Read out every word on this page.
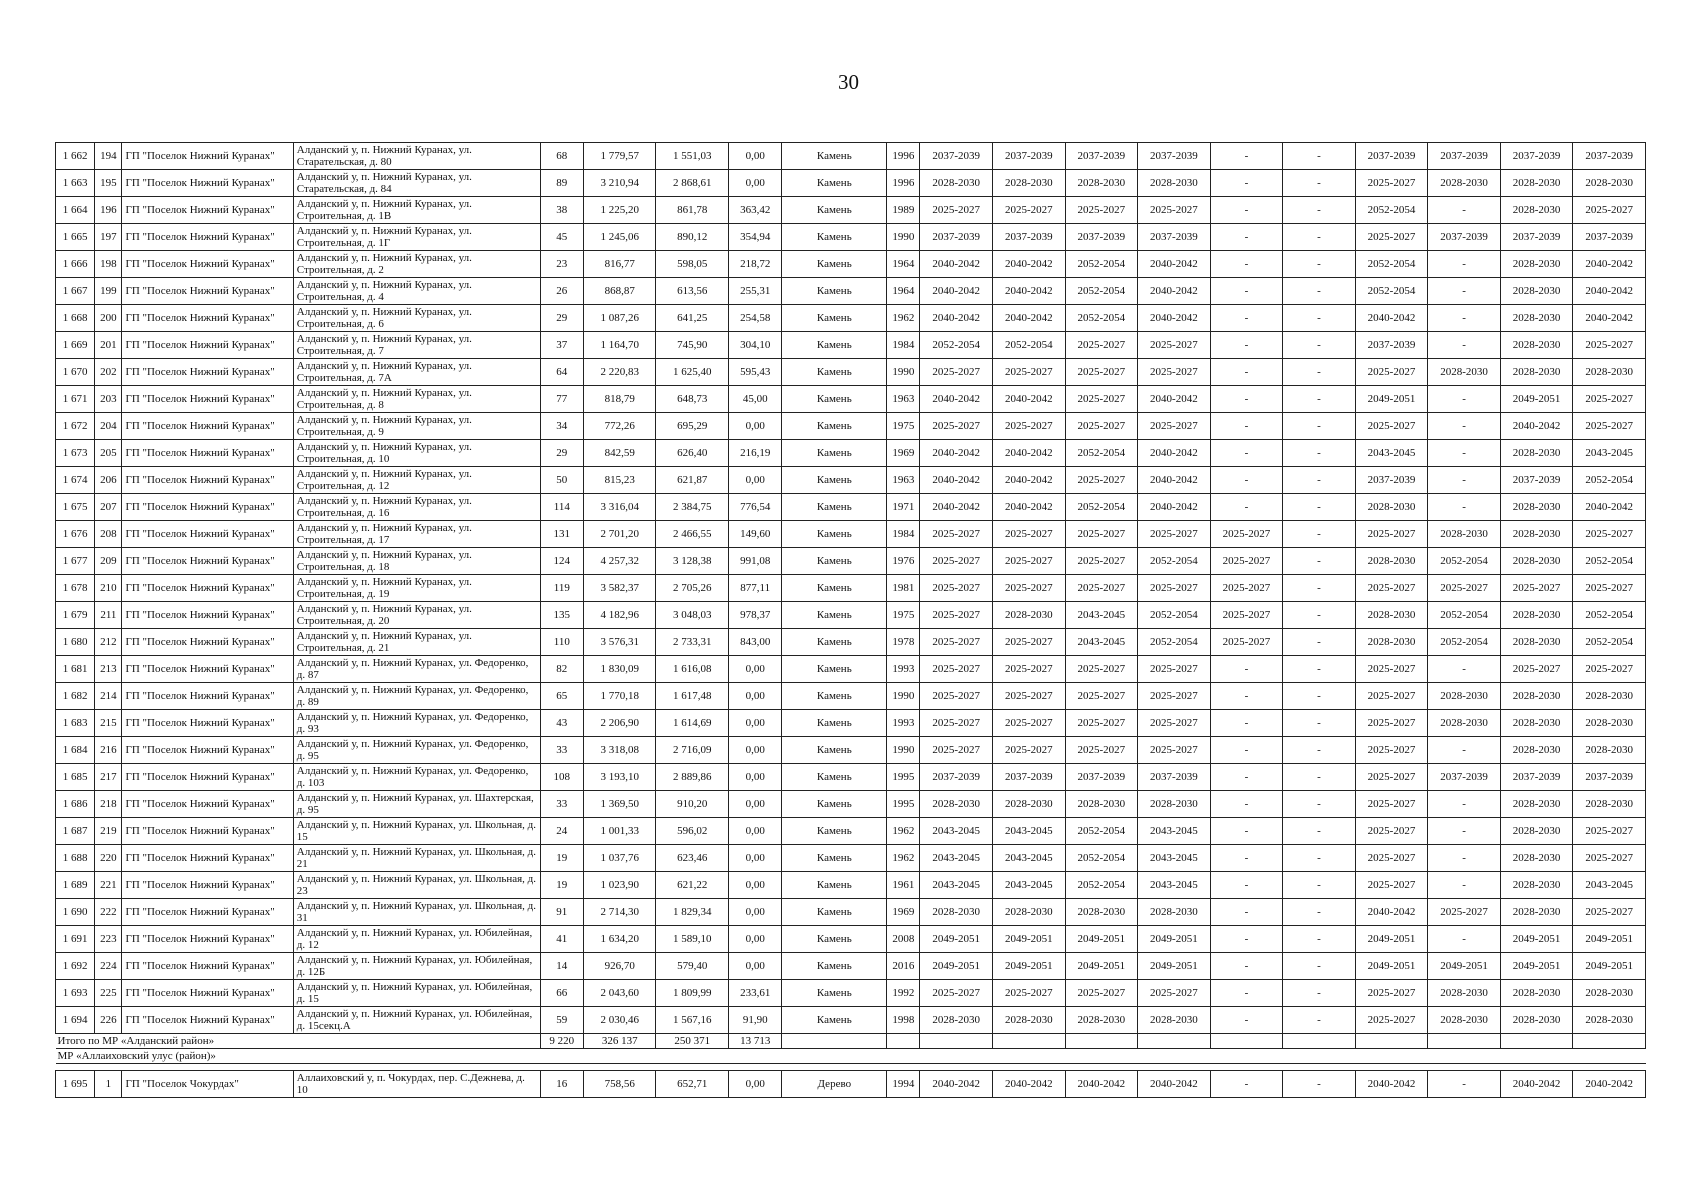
30
1 662	194	ГП "Поселок Нижний Куранах"	Алданский у, п. Нижний Куранах, ул. Старательская, д. 80	68	1 779,57	1 551,03	0,00	Камень	1996	2037-2039	2037-2039	2037-2039	2037-2039	-	-	2037-2039	2037-2039	2037-2039	2037-2039
1 663	195	ГП "Поселок Нижний Куранах"	Алданский у, п. Нижний Куранах, ул. Старательская, д. 84	89	3 210,94	2 868,61	0,00	Камень	1996	2028-2030	2028-2030	2028-2030	2028-2030	-	-	2025-2027	2028-2030	2028-2030	2028-2030
1 664	196	ГП "Поселок Нижний Куранах"	Алданский у, п. Нижний Куранах, ул. Строительная, д. 1В	38	1 225,20	861,78	363,42	Камень	1989	2025-2027	2025-2027	2025-2027	2025-2027	-	-	2052-2054	-	2028-2030	2025-2027
1 665	197	ГП "Поселок Нижний Куранах"	Алданский у, п. Нижний Куранах, ул. Строительная, д. 1Г	45	1 245,06	890,12	354,94	Камень	1990	2037-2039	2037-2039	2037-2039	2037-2039	-	-	2025-2027	2037-2039	2037-2039	2037-2039
1 666	198	ГП "Поселок Нижний Куранах"	Алданский у, п. Нижний Куранах, ул. Строительная, д. 2	23	816,77	598,05	218,72	Камень	1964	2040-2042	2040-2042	2052-2054	2040-2042	-	-	2052-2054	-	2028-2030	2040-2042
1 667	199	ГП "Поселок Нижний Куранах"	Алданский у, п. Нижний Куранах, ул. Строительная, д. 4	26	868,87	613,56	255,31	Камень	1964	2040-2042	2040-2042	2052-2054	2040-2042	-	-	2052-2054	-	2028-2030	2040-2042
1 668	200	ГП "Поселок Нижний Куранах"	Алданский у, п. Нижний Куранах, ул. Строительная, д. 6	29	1 087,26	641,25	254,58	Камень	1962	2040-2042	2040-2042	2052-2054	2040-2042	-	-	2040-2042	-	2028-2030	2040-2042
1 669	201	ГП "Поселок Нижний Куранах"	Алданский у, п. Нижний Куранах, ул. Строительная, д. 7	37	1 164,70	745,90	304,10	Камень	1984	2052-2054	2052-2054	2025-2027	2025-2027	-	-	2037-2039	-	2028-2030	2025-2027
1 670	202	ГП "Поселок Нижний Куранах"	Алданский у, п. Нижний Куранах, ул. Строительная, д. 7А	64	2 220,83	1 625,40	595,43	Камень	1990	2025-2027	2025-2027	2025-2027	2025-2027	-	-	2025-2027	2028-2030	2028-2030	2028-2030
1 671	203	ГП "Поселок Нижний Куранах"	Алданский у, п. Нижний Куранах, ул. Строительная, д. 8	77	818,79	648,73	45,00	Камень	1963	2040-2042	2040-2042	2025-2027	2040-2042	-	-	2049-2051	-	2049-2051	2025-2027
1 672	204	ГП "Поселок Нижний Куранах"	Алданский у, п. Нижний Куранах, ул. Строительная, д. 9	34	772,26	695,29	0,00	Камень	1975	2025-2027	2025-2027	2025-2027	2025-2027	-	-	2025-2027	-	2040-2042	2025-2027
1 673	205	ГП "Поселок Нижний Куранах"	Алданский у, п. Нижний Куранах, ул. Строительная, д. 10	29	842,59	626,40	216,19	Камень	1969	2040-2042	2040-2042	2052-2054	2040-2042	-	-	2043-2045	-	2028-2030	2043-2045
1 674	206	ГП "Поселок Нижний Куранах"	Алданский у, п. Нижний Куранах, ул. Строительная, д. 12	50	815,23	621,87	0,00	Камень	1963	2040-2042	2040-2042	2025-2027	2040-2042	-	-	2037-2039	-	2037-2039	2052-2054
1 675	207	ГП "Поселок Нижний Куранах"	Алданский у, п. Нижний Куранах, ул. Строительная, д. 16	114	3 316,04	2 384,75	776,54	Камень	1971	2040-2042	2040-2042	2052-2054	2040-2042	-	-	2028-2030	-	2028-2030	2040-2042
1 676	208	ГП "Поселок Нижний Куранах"	Алданский у, п. Нижний Куранах, ул. Строительная, д. 17	131	2 701,20	2 466,55	149,60	Камень	1984	2025-2027	2025-2027	2025-2027	2025-2027	2025-2027	-	2025-2027	2028-2030	2028-2030	2025-2027
1 677	209	ГП "Поселок Нижний Куранах"	Алданский у, п. Нижний Куранах, ул. Строительная, д. 18	124	4 257,32	3 128,38	991,08	Камень	1976	2025-2027	2025-2027	2025-2027	2052-2054	2025-2027	-	2028-2030	2052-2054	2028-2030	2052-2054
1 678	210	ГП "Поселок Нижний Куранах"	Алданский у, п. Нижний Куранах, ул. Строительная, д. 19	119	3 582,37	2 705,26	877,11	Камень	1981	2025-2027	2025-2027	2025-2027	2025-2027	2025-2027	-	2025-2027	2025-2027	2025-2027	2025-2027
1 679	211	ГП "Поселок Нижний Куранах"	Алданский у, п. Нижний Куранах, ул. Строительная, д. 20	135	4 182,96	3 048,03	978,37	Камень	1975	2025-2027	2028-2030	2043-2045	2052-2054	2025-2027	-	2028-2030	2052-2054	2028-2030	2052-2054
1 680	212	ГП "Поселок Нижний Куранах"	Алданский у, п. Нижний Куранах, ул. Строительная, д. 21	110	3 576,31	2 733,31	843,00	Камень	1978	2025-2027	2025-2027	2043-2045	2052-2054	2025-2027	-	2028-2030	2052-2054	2028-2030	2052-2054
1 681	213	ГП "Поселок Нижний Куранах"	Алданский у, п. Нижний Куранах, ул. Федоренко, д. 87	82	1 830,09	1 616,08	0,00	Камень	1993	2025-2027	2025-2027	2025-2027	2025-2027	-	-	2025-2027	-	2025-2027	2025-2027
1 682	214	ГП "Поселок Нижний Куранах"	Алданский у, п. Нижний Куранах, ул. Федоренко, д. 89	65	1 770,18	1 617,48	0,00	Камень	1990	2025-2027	2025-2027	2025-2027	2025-2027	-	-	2025-2027	2028-2030	2028-2030	2028-2030
1 683	215	ГП "Поселок Нижний Куранах"	Алданский у, п. Нижний Куранах, ул. Федоренко, д. 93	43	2 206,90	1 614,69	0,00	Камень	1993	2025-2027	2025-2027	2025-2027	2025-2027	-	-	2025-2027	2028-2030	2028-2030	2028-2030
1 684	216	ГП "Поселок Нижний Куранах"	Алданский у, п. Нижний Куранах, ул. Федоренко, д. 95	33	3 318,08	2 716,09	0,00	Камень	1990	2025-2027	2025-2027	2025-2027	2025-2027	-	-	2025-2027	-	2028-2030	2028-2030
1 685	217	ГП "Поселок Нижний Куранах"	Алданский у, п. Нижний Куранах, ул. Федоренко, д. 103	108	3 193,10	2 889,86	0,00	Камень	1995	2037-2039	2037-2039	2037-2039	2037-2039	-	-	2025-2027	2037-2039	2037-2039	2037-2039
1 686	218	ГП "Поселок Нижний Куранах"	Алданский у, п. Нижний Куранах, ул. Шахтерская, д. 95	33	1 369,50	910,20	0,00	Камень	1995	2028-2030	2028-2030	2028-2030	2028-2030	-	-	2025-2027	-	2028-2030	2028-2030
1 687	219	ГП "Поселок Нижний Куранах"	Алданский у, п. Нижний Куранах, ул. Школьная, д. 15	24	1 001,33	596,02	0,00	Камень	1962	2043-2045	2043-2045	2052-2054	2043-2045	-	-	2025-2027	-	2028-2030	2025-2027
1 688	220	ГП "Поселок Нижний Куранах"	Алданский у, п. Нижний Куранах, ул. Школьная, д. 21	19	1 037,76	623,46	0,00	Камень	1962	2043-2045	2043-2045	2052-2054	2043-2045	-	-	2025-2027	-	2028-2030	2025-2027
1 689	221	ГП "Поселок Нижний Куранах"	Алданский у, п. Нижний Куранах, ул. Школьная, д. 23	19	1 023,90	621,22	0,00	Камень	1961	2043-2045	2043-2045	2052-2054	2043-2045	-	-	2025-2027	-	2028-2030	2043-2045
1 690	222	ГП "Поселок Нижний Куранах"	Алданский у, п. Нижний Куранах, ул. Школьная, д. 31	91	2 714,30	1 829,34	0,00	Камень	1969	2028-2030	2028-2030	2028-2030	2028-2030	-	-	2040-2042	2025-2027	2028-2030	2025-2027
1 691	223	ГП "Поселок Нижний Куранах"	Алданский у, п. Нижний Куранах, ул. Юбилейная, д. 12	41	1 634,20	1 589,10	0,00	Камень	2008	2049-2051	2049-2051	2049-2051	2049-2051	-	-	2049-2051	-	2049-2051	2049-2051
1 692	224	ГП "Поселок Нижний Куранах"	Алданский у, п. Нижний Куранах, ул. Юбилейная, д. 12Б	14	926,70	579,40	0,00	Камень	2016	2049-2051	2049-2051	2049-2051	2049-2051	-	-	2049-2051	2049-2051	2049-2051	2049-2051
1 693	225	ГП "Поселок Нижний Куранах"	Алданский у, п. Нижний Куранах, ул. Юбилейная, д. 15	66	2 043,60	1 809,99	233,61	Камень	1992	2025-2027	2025-2027	2025-2027	2025-2027	-	-	2025-2027	2028-2030	2028-2030	2028-2030
1 694	226	ГП "Поселок Нижний Куранах"	Алданский у, п. Нижний Куранах, ул. Юбилейная, д. 15секц.А	59	2 030,46	1 567,16	91,90	Камень	1998	2028-2030	2028-2030	2028-2030	2028-2030	-	-	2025-2027	2028-2030	2028-2030	2028-2030
Итого по МР «Алданский район»				9 220	326 137	250 371	13 713												
МР «Аллаиховский улус (район)»																			

1 695	1	ГП "Поселок Чокурдах"	Аллаиховский у, п. Чокурдах, пер. С.Дежнева, д. 10	16	758,56	652,71	0,00	Дерево	1994	2040-2042	2040-2042	2040-2042	2040-2042	-	-	2040-2042	-	2040-2042	2040-2042
